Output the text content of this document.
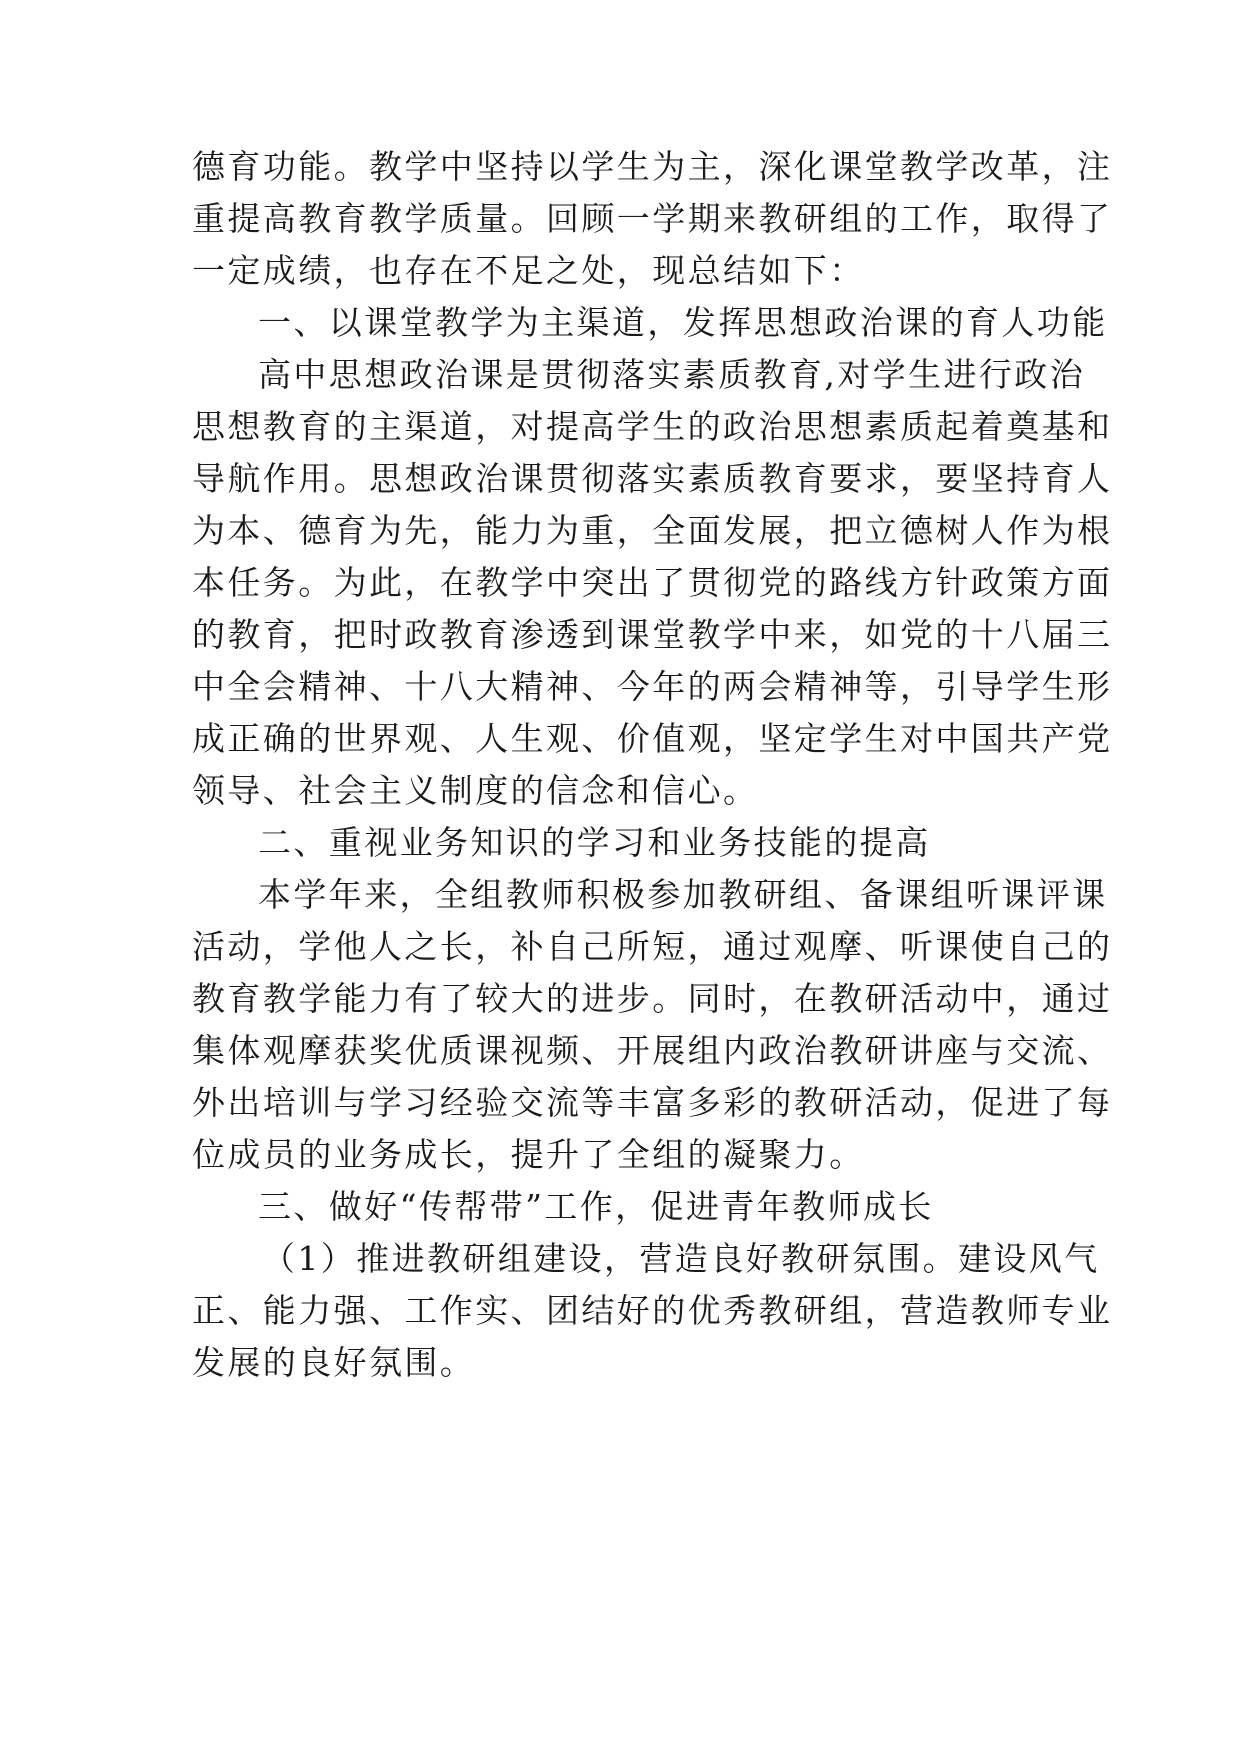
德育功能。教学中坚持以学生为主，深化课堂教学改革，注

重提高教育教学质量。回顾一学期来教研组的工作，取得了

一定成绩，也存在不足之处，现总结如下：

一、以课堂教学为主渠道，发挥思想政治课的育人功能

高中思想政治课是贯彻落实素质教育,对学生进行政治

思想教育的主渠道，对提高学生的政治思想素质起着奠基和

导航作用。思想政治课贯彻落实素质教育要求，要坚持育人

为本、德育为先，能力为重，全面发展，把立德树人作为根

本任务。为此，在教学中突出了贯彻党的路线方针政策方面

的教育，把时政教育渗透到课堂教学中来，如党的十八届三

中全会精神、十八大精神、今年的两会精神等，引导学生形

成正确的世界观、人生观、价值观，坚定学生对中国共产党

领导、社会主义制度的信念和信心。

二、重视业务知识的学习和业务技能的提高

本学年来，全组教师积极参加教研组、备课组听课评课

活动，学他人之长，补自己所短，通过观摩、听课使自己的

教育教学能力有了较大的进步。同时，在教研活动中，通过

集体观摩获奖优质课视频、开展组内政治教研讲座与交流、

外出培训与学习经验交流等丰富多彩的教研活动，促进了每

位成员的业务成长，提升了全组的凝聚力。

三、做好“传帮带”工作，促进青年教师成长

（1）推进教研组建设，营造良好教研氛围。建设风气

正、能力强、工作实、团结好的优秀教研组，营造教师专业

发展的良好氛围。
